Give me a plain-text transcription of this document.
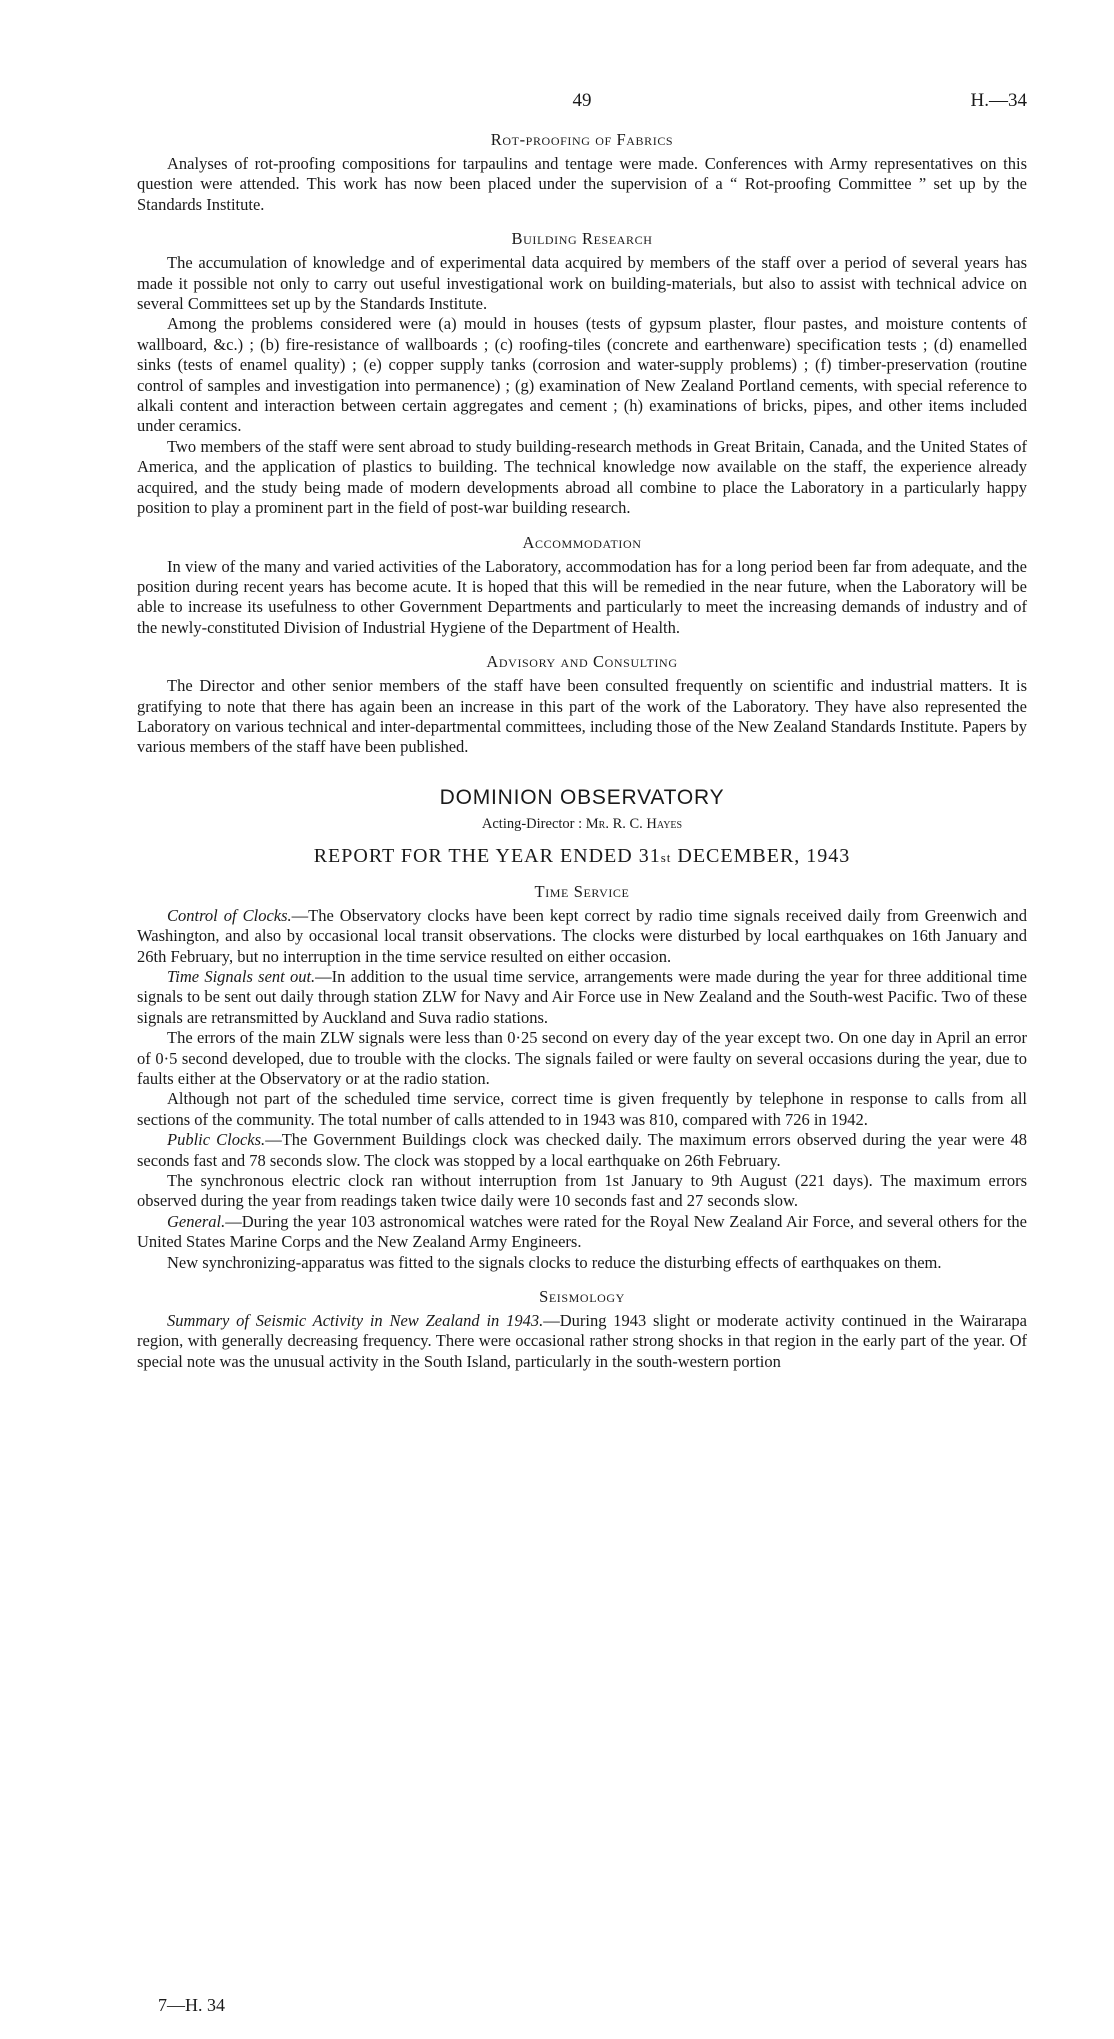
49	H.—34
Rot-proofing of Fabrics

Analyses of rot-proofing compositions for tarpaulins and tentage were made. Conferences with Army representatives on this question were attended. This work has now been placed under the supervision of a “ Rot-proofing Committee ” set up by the Standards Institute.

Building Research

The accumulation of knowledge and of experimental data acquired by members of the staff over a period of several years has made it possible not only to carry out useful investigational work on building-materials, but also to assist with technical advice on several Committees set up by the Standards Institute.

Among the problems considered were (a) mould in houses (tests of gypsum plaster, flour pastes, and moisture contents of wallboard, &c.) ; (b) fire-resistance of wallboards ; (c) roofing-tiles (concrete and earthenware) specification tests ; (d) enamelled sinks (tests of enamel quality) ; (e) copper supply tanks (corrosion and water-supply problems) ; (f) timber-preservation (routine control of samples and investigation into permanence) ; (g) examination of New Zealand Portland cements, with special reference to alkali content and interaction between certain aggregates and cement ; (h) examinations of bricks, pipes, and other items included under ceramics.

Two members of the staff were sent abroad to study building-research methods in Great Britain, Canada, and the United States of America, and the application of plastics to building. The technical knowledge now available on the staff, the experience already acquired, and the study being made of modern developments abroad all combine to place the Laboratory in a particularly happy position to play a prominent part in the field of post-war building research.

Accommodation

In view of the many and varied activities of the Laboratory, accommodation has for a long period been far from adequate, and the position during recent years has become acute. It is hoped that this will be remedied in the near future, when the Laboratory will be able to increase its usefulness to other Government Departments and particularly to meet the increasing demands of industry and of the newly-constituted Division of Industrial Hygiene of the Department of Health.

Advisory and Consulting

The Director and other senior members of the staff have been consulted frequently on scientific and industrial matters. It is gratifying to note that there has again been an increase in this part of the work of the Laboratory. They have also represented the Laboratory on various technical and inter-departmental committees, including those of the New Zealand Standards Institute. Papers by various members of the staff have been published.

DOMINION OBSERVATORY
Acting-Director : Mr. R. C. Hayes
REPORT FOR THE YEAR ENDED 31st DECEMBER, 1943
Time Service

Control of Clocks.—The Observatory clocks have been kept correct by radio time signals received daily from Greenwich and Washington, and also by occasional local transit observations. The clocks were disturbed by local earthquakes on 16th January and 26th February, but no interruption in the time service resulted on either occasion.

Time Signals sent out.—In addition to the usual time service, arrangements were made during the year for three additional time signals to be sent out daily through station ZLW for Navy and Air Force use in New Zealand and the South-west Pacific. Two of these signals are retransmitted by Auckland and Suva radio stations.

The errors of the main ZLW signals were less than 0·25 second on every day of the year except two. On one day in April an error of 0·5 second developed, due to trouble with the clocks. The signals failed or were faulty on several occasions during the year, due to faults either at the Observatory or at the radio station.

Although not part of the scheduled time service, correct time is given frequently by telephone in response to calls from all sections of the community. The total number of calls attended to in 1943 was 810, compared with 726 in 1942.

Public Clocks.—The Government Buildings clock was checked daily. The maximum errors observed during the year were 48 seconds fast and 78 seconds slow. The clock was stopped by a local earthquake on 26th February.

The synchronous electric clock ran without interruption from 1st January to 9th August (221 days). The maximum errors observed during the year from readings taken twice daily were 10 seconds fast and 27 seconds slow.

General.—During the year 103 astronomical watches were rated for the Royal New Zealand Air Force, and several others for the United States Marine Corps and the New Zealand Army Engineers.

New synchronizing-apparatus was fitted to the signals clocks to reduce the disturbing effects of earthquakes on them.

Seismology

Summary of Seismic Activity in New Zealand in 1943.—During 1943 slight or moderate activity continued in the Wairarapa region, with generally decreasing frequency. There were occasional rather strong shocks in that region in the early part of the year. Of special note was the unusual activity in the South Island, particularly in the south-western portion

7—H. 34
